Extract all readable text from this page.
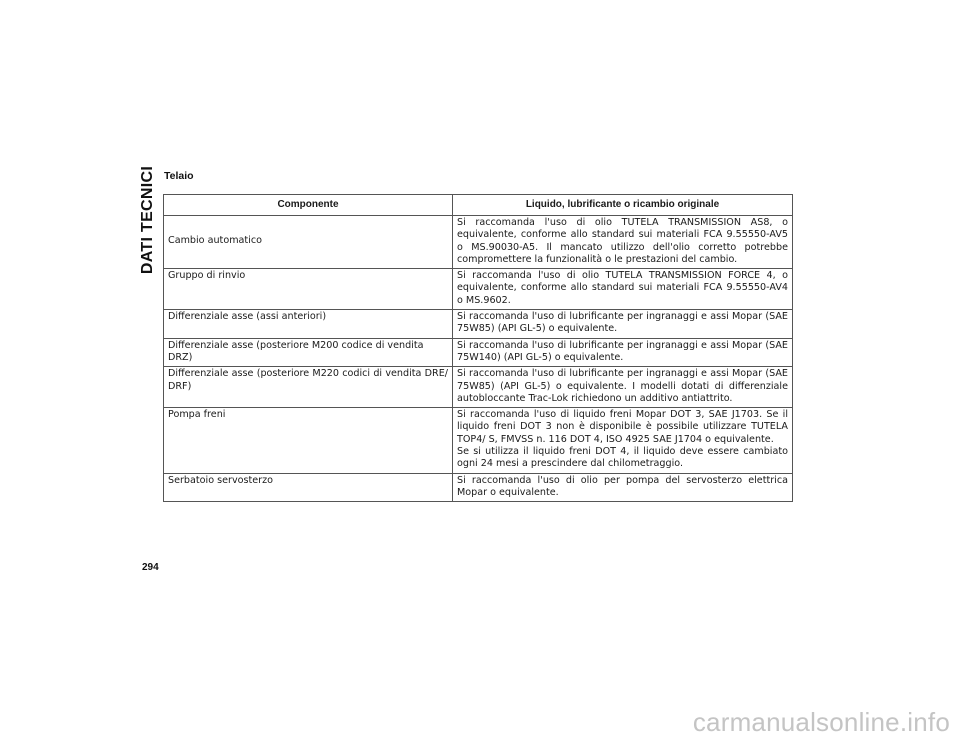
DATI TECNICI Telaio
Componente	Liquido, lubrificante o ricambio originale
Cambio automatico	Si raccomanda l'uso di olio TUTELA TRANSMISSION AS8, o equivalente, conforme allo standard sui materiali FCA 9.55550-AV5 o MS.90030-A5. Il mancato utilizzo dell'olio corretto potrebbe compromettere la funzionalità o le prestazioni del cambio.
Gruppo di rinvio	Si raccomanda l'uso di olio TUTELA TRANSMISSION FORCE 4, o equivalente, conforme allo standard sui materiali FCA 9.55550-AV4 o MS.9602.
Differenziale asse (assi anteriori)	Si raccomanda l'uso di lubrificante per ingranaggi e assi Mopar (SAE 75W85) (API GL-5) o equivalente.
Differenziale asse (posteriore M200 codice di vendita DRZ)	Si raccomanda l'uso di lubrificante per ingranaggi e assi Mopar (SAE 75W140) (API GL-5) o equivalente.
Differenziale asse (posteriore M220 codici di vendita DRE/ DRF)	Si raccomanda l'uso di lubrificante per ingranaggi e assi Mopar (SAE 75W85) (API GL-5) o equivalente. I modelli dotati di differenziale autobloccante Trac-Lok richiedono un additivo antiattrito.
Pompa freni	Si raccomanda l'uso di liquido freni Mopar DOT 3, SAE J1703. Se il liquido freni DOT 3 non è disponibile è possibile utilizzare TUTELA TOP4/ S, FMVSS n. 116 DOT 4, ISO 4925 SAE J1704 o equivalente.
Se si utilizza il liquido freni DOT 4, il liquido deve essere cambiato ogni 24 mesi a prescindere dal chilometraggio.

Serbatoio servosterzo	Si raccomanda l'uso di olio per pompa del servosterzo elettrica Mopar o equivalente.
294
carmanualsonline.info
